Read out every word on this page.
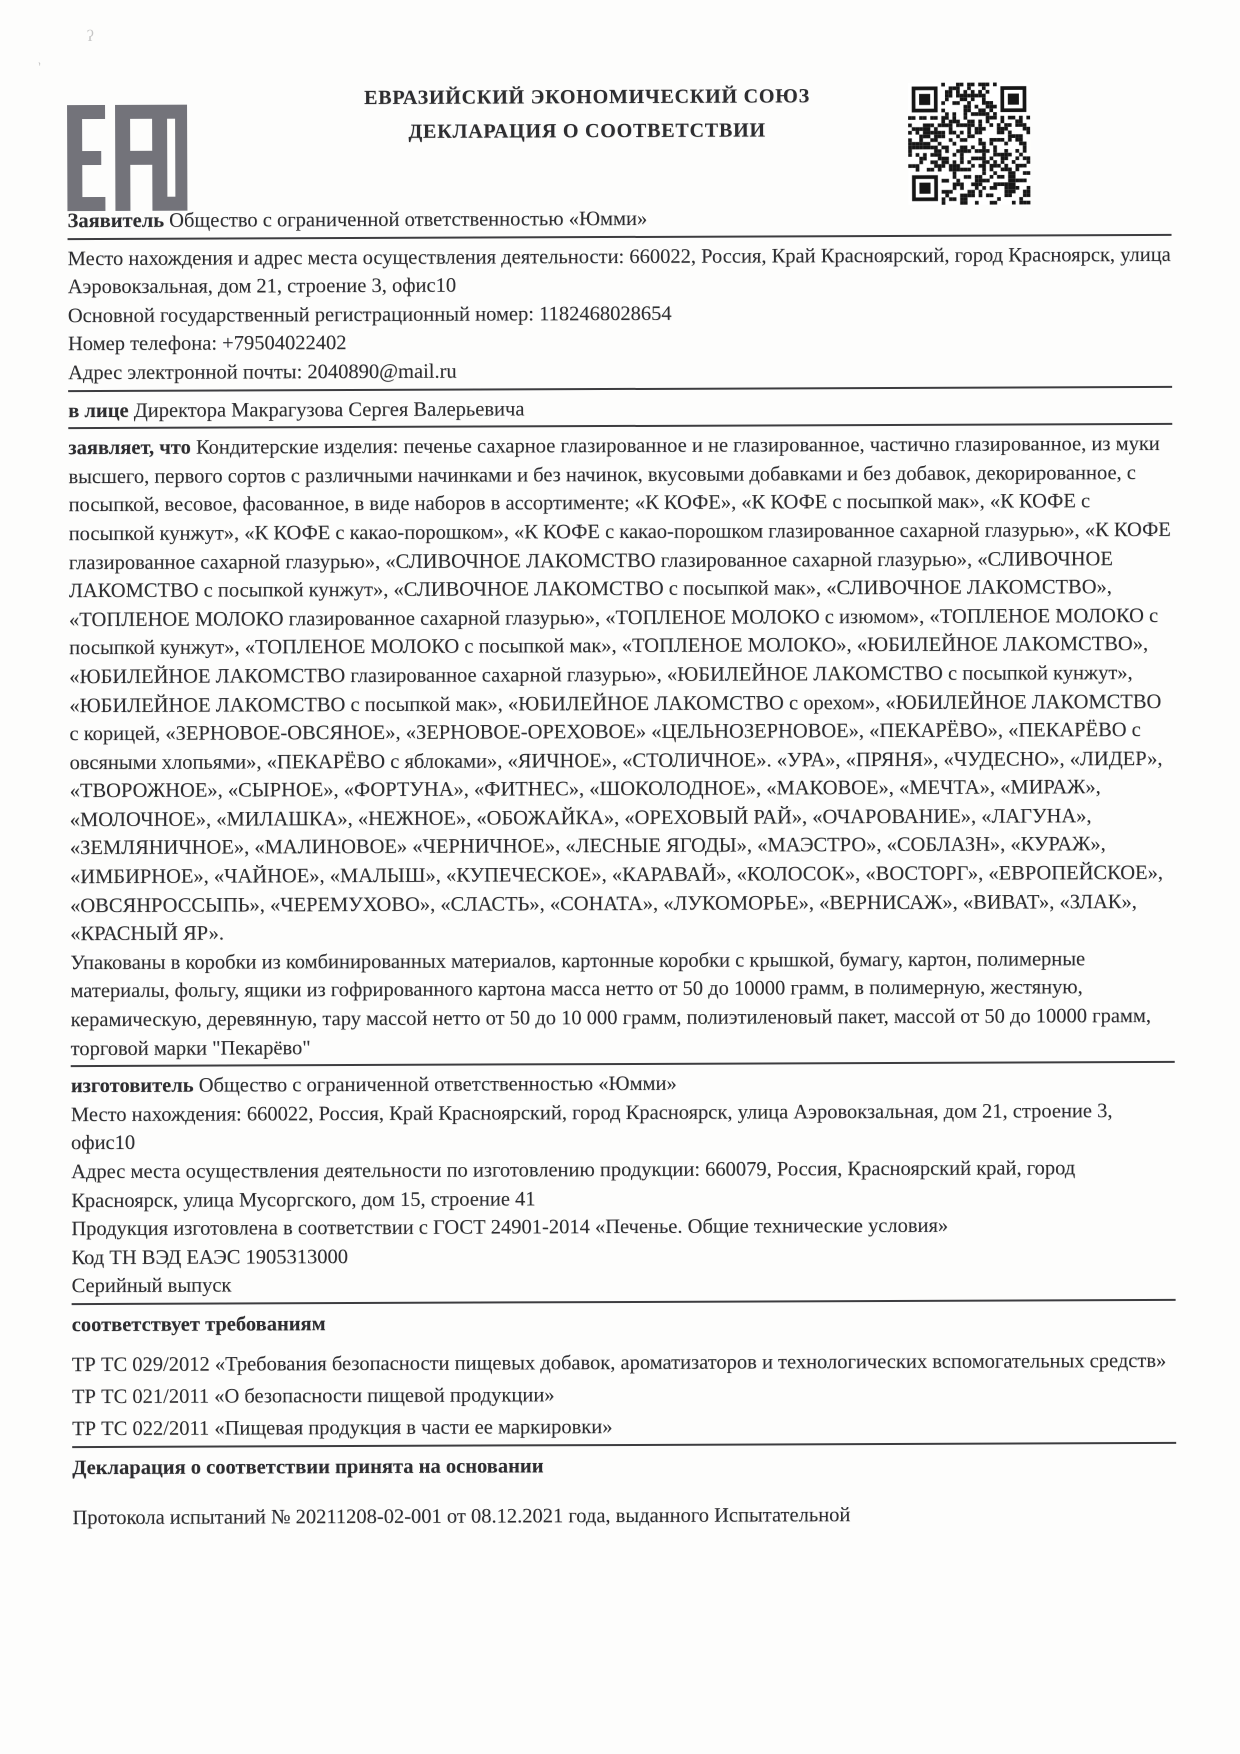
ʔ
ˎ
ЕВРАЗИЙСКИЙ ЭКОНОМИЧЕСКИЙ СОЮЗ
ДЕКЛАРАЦИЯ О СООТВЕТСТВИИ
Заявитель Общество с ограниченной ответственностью «Юмми»
Место нахождения и адрес места осуществления деятельности: 660022, Россия, Край Красноярский, город Красноярск, улица Аэровокзальная, дом 21, строение 3, офис10
Основной государственный регистрационный номер: 1182468028654
Номер телефона: +79504022402
Адрес электронной почты: 2040890@mail.ru
в лице Директора Макрагузова Сергея Валерьевича
заявляет, что Кондитерские изделия: печенье сахарное глазированное и не глазированное, частично глазированное, из муки высшего, первого сортов с различными начинками и без начинок, вкусовыми добавками и без добавок, декорированное, с посыпкой, весовое, фасованное, в виде наборов в ассортименте; «К КОФЕ», «К КОФЕ с посыпкой мак», «К КОФЕ с посыпкой кунжут», «К КОФЕ с какао-порошком», «К КОФЕ с какао-порошком глазированное сахарной глазурью», «К КОФЕ глазированное сахарной глазурью», «СЛИВОЧНОЕ ЛАКОМСТВО глазированное сахарной глазурью», «СЛИВОЧНОЕ ЛАКОМСТВО с посыпкой кунжут», «СЛИВОЧНОЕ ЛАКОМСТВО с посыпкой мак», «СЛИВОЧНОЕ ЛАКОМСТВО», «ТОПЛЕНОЕ МОЛОКО глазированное сахарной глазурью», «ТОПЛЕНОЕ МОЛОКО с изюмом», «ТОПЛЕНОЕ МОЛОКО с посыпкой кунжут», «ТОПЛЕНОЕ МОЛОКО с посыпкой мак», «ТОПЛЕНОЕ МОЛОКО», «ЮБИЛЕЙНОЕ ЛАКОМСТВО», «ЮБИЛЕЙНОЕ ЛАКОМСТВО глазированное сахарной глазурью», «ЮБИЛЕЙНОЕ ЛАКОМСТВО с посыпкой кунжут», «ЮБИЛЕЙНОЕ ЛАКОМСТВО с посыпкой мак», «ЮБИЛЕЙНОЕ ЛАКОМСТВО с орехом», «ЮБИЛЕЙНОЕ ЛАКОМСТВО с корицей, «ЗЕРНОВОЕ-ОВСЯНОЕ», «ЗЕРНОВОЕ-ОРЕХОВОЕ» «ЦЕЛЬНОЗЕРНОВОЕ», «ПЕКАРЁВО», «ПЕКАРЁВО с овсяными хлопьями», «ПЕКАРЁВО с яблоками», «ЯИЧНОЕ», «СТОЛИЧНОЕ». «УРА», «ПРЯНЯ», «ЧУДЕСНО», «ЛИДЕР», «ТВОРОЖНОЕ», «СЫРНОЕ», «ФОРТУНА», «ФИТНЕС», «ШОКОЛОДНОЕ», «МАКОВОЕ», «МЕЧТА», «МИРАЖ», «МОЛОЧНОЕ», «МИЛАШКА», «НЕЖНОЕ», «ОБОЖАЙКА», «ОРЕХОВЫЙ РАЙ», «ОЧАРОВАНИЕ», «ЛАГУНА», «ЗЕМЛЯНИЧНОЕ», «МАЛИНОВОЕ» «ЧЕРНИЧНОЕ», «ЛЕСНЫЕ ЯГОДЫ», «МАЭСТРО», «СОБЛАЗН», «КУРАЖ», «ИМБИРНОЕ», «ЧАЙНОЕ», «МАЛЫШ», «КУПЕЧЕСКОЕ», «КАРАВАЙ», «КОЛОСОК», «ВОСТОРГ», «ЕВРОПЕЙСКОЕ», «ОВСЯНРОССЫПЬ», «ЧЕРЕМУХОВО», «СЛАСТЬ», «СОНАТА», «ЛУКОМОРЬЕ», «ВЕРНИСАЖ», «ВИВАТ», «ЗЛАК», «КРАСНЫЙ ЯР».
Упакованы в коробки из комбинированных материалов, картонные коробки с крышкой, бумагу, картон, полимерные материалы, фольгу, ящики из гофрированного картона масса нетто от 50 до 10000 грамм, в полимерную, жестяную, керамическую, деревянную, тару массой нетто от 50 до 10 000 грамм, полиэтиленовый пакет, массой от 50 до 10000 грамм, торговой марки "Пекарёво"
изготовитель Общество с ограниченной ответственностью «Юмми»
Место нахождения: 660022, Россия, Край Красноярский, город Красноярск, улица Аэровокзальная, дом 21, строение 3, офис10
Адрес места осуществления деятельности по изготовлению продукции: 660079, Россия, Красноярский край, город Красноярск, улица Мусоргского, дом 15, строение 41
Продукция изготовлена в соответствии с ГОСТ 24901-2014 «Печенье. Общие технические условия»
Код ТН ВЭД ЕАЭС 1905313000
Серийный выпуск
соответствует требованиям
ТР ТС 029/2012 «Требования безопасности пищевых добавок, ароматизаторов и технологических вспомогательных средств»
ТР ТС 021/2011 «О безопасности пищевой продукции»
ТР ТС 022/2011 «Пищевая продукция в части ее маркировки»
Декларация о соответствии принята на основании
Протокола испытаний № 20211208-02-001 от 08.12.2021 года, выданного Испытательной
